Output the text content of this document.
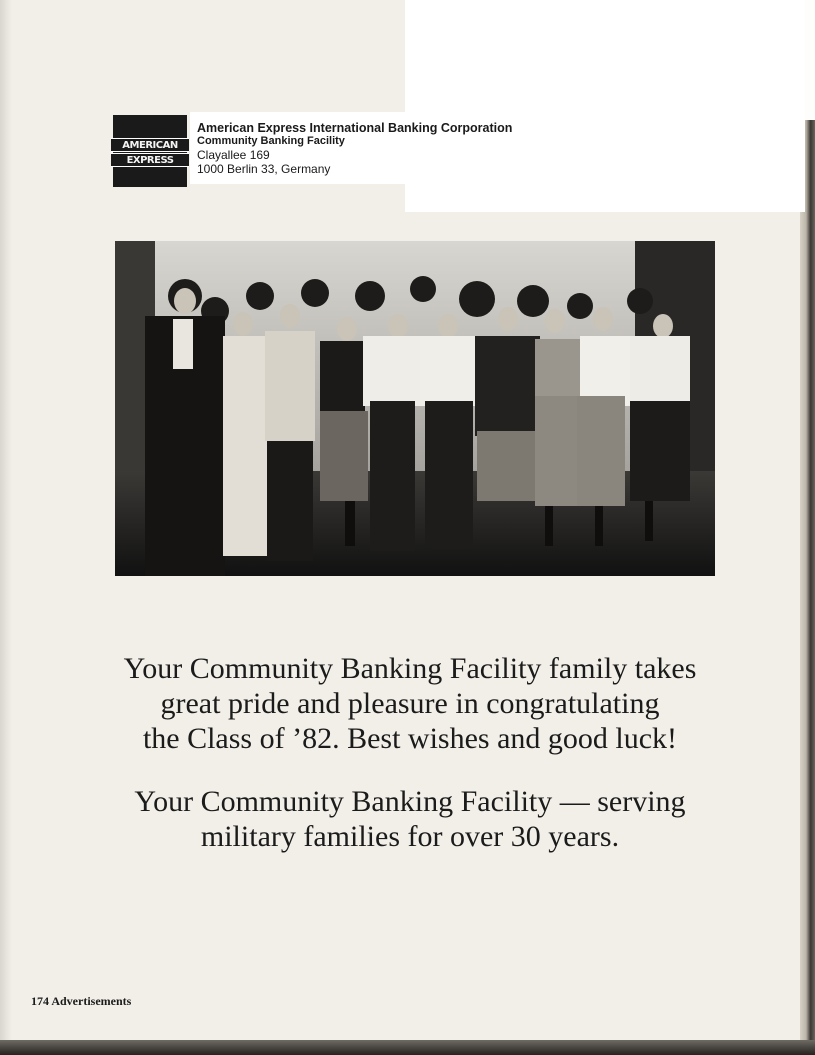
AMERICAN
EXPRESS
American Express International Banking Corporation
Community Banking Facility
Clayallee 169
1000 Berlin 33, Germany

Your Community Banking Facility family takes
great pride and pleasure in congratulating
the Class of ’82. Best wishes and good luck!

Your Community Banking Facility — serving
military families for over 30 years.

174 Advertisements
